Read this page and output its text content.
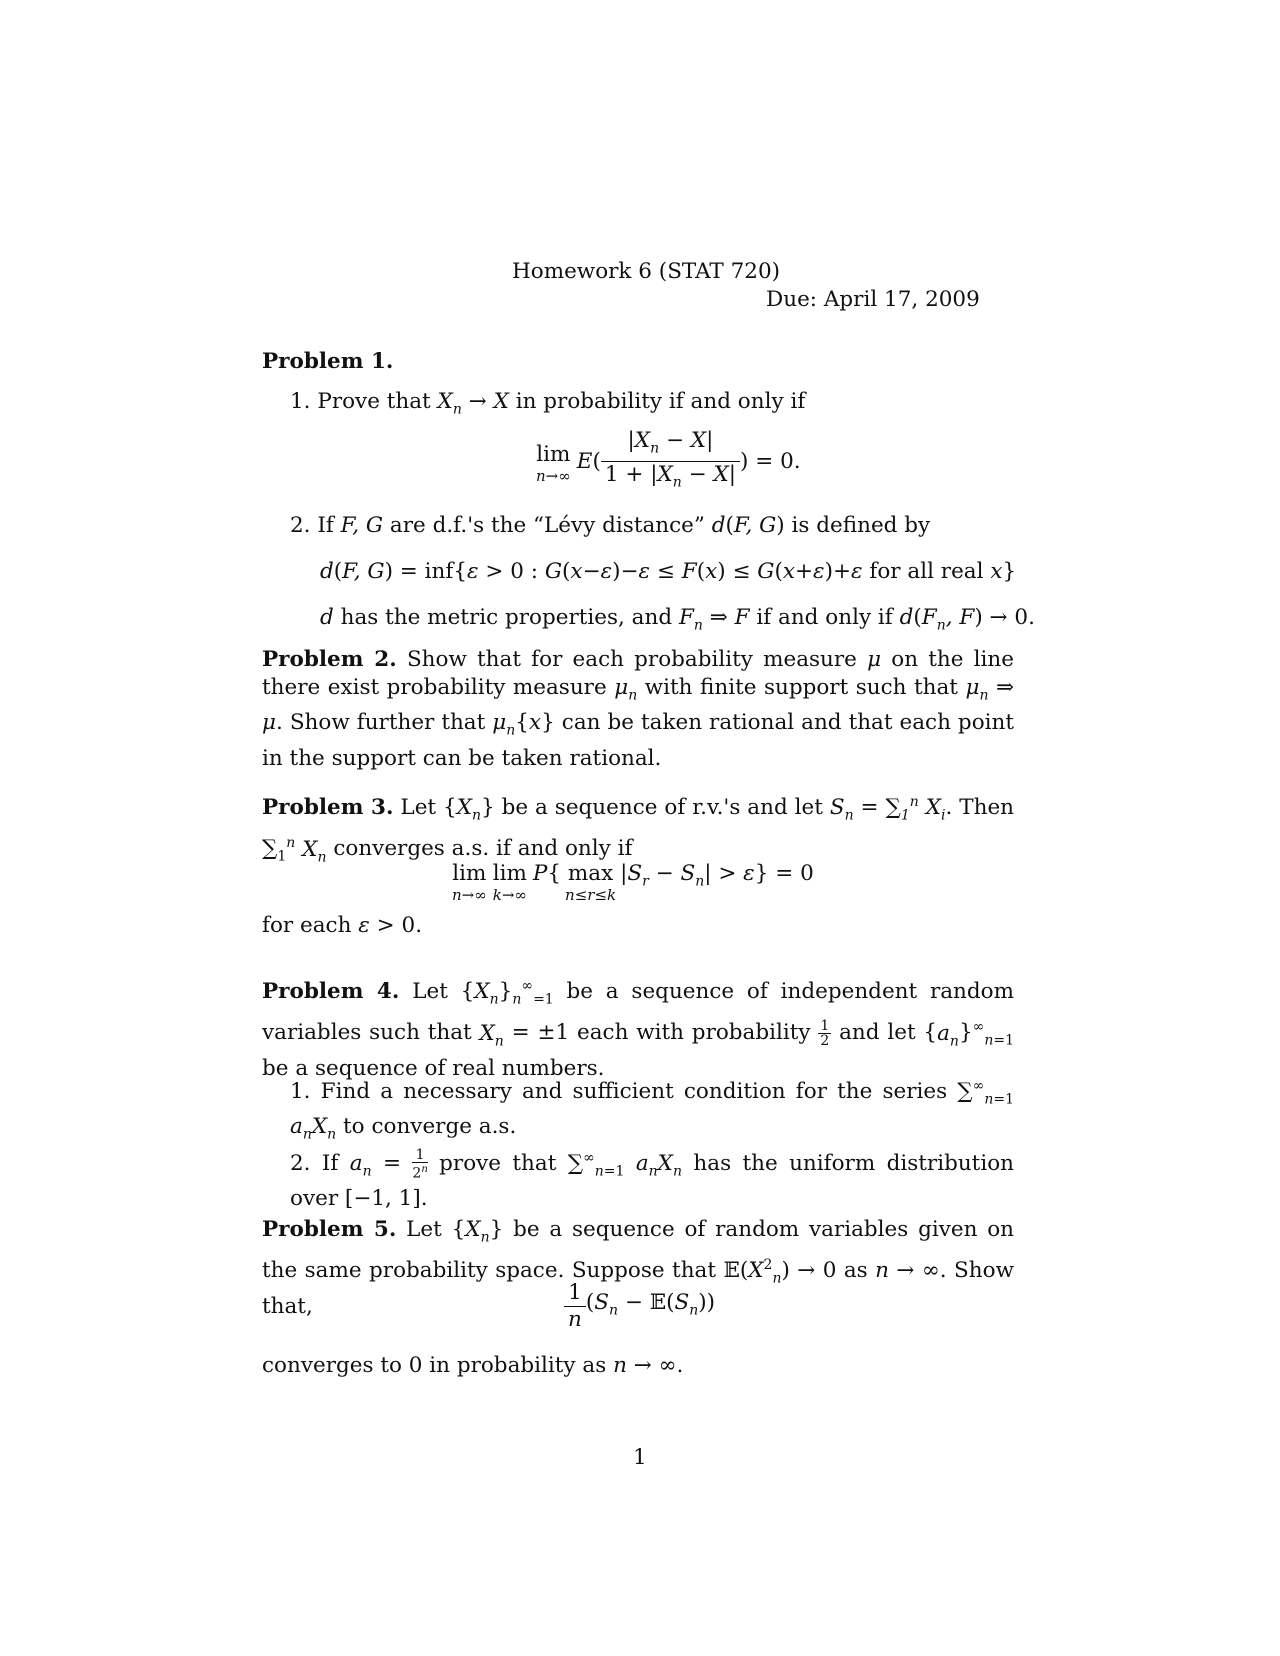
Homework 6 (STAT 720)
Due: April 17, 2009
Problem 1.
1. Prove that $X_n \to X$ in probability if and only if
lim
n→∞
E ( $\frac{|X_n - X|}{1 + |X_n - X|}$ ) = 0.
2. If F, G are d.f.'s the “Lévy distance” d(F, G) is defined by
d(F, G) = inf{ε > 0 : G(x−ε)−ε ≤ F(x) ≤ G(x+ε)+ε for all real x}
d has the metric properties, and $F_n$ ⇒ F if and only if $d(F_n$, F) → 0.
Problem 2. Show that for each probability measure μ on the line there exist probability measure $\mu_n$ with finite support such that $\mu_n$ ⇒ μ. Show further that $\mu_n\{x\}$ can be taken rational and that each point in the support can be taken rational.
Problem 3. Let $\{X_n\}$ be a sequence of r.v.'s and let $S_n = \sum_1^n$ $X_i$. Then $\sum_1^n$ $X_n$ converges a.s. if and only if
lim
n→∞
lim
k→∞
P { max
n≤r≤k
$|S_r - S_n| > \varepsilon$ } = 0
for each ε > 0.
Problem 4. Let $\{X_n\}_n^\infty_{=1}$ be a sequence of independent random variables such that $X_n = \pm 1$ each with probability $\frac{1}{2}$ and let $\{a_n\}^\infty_{n=1}$ be a sequence of real numbers.
1. Find a necessary and sufficient condition for the series $\sum^\infty_{n=1}$ $a_nX_n$ to converge a.s.
2. If $a_n = \frac{1}{2^n}$ prove that $\sum^\infty_{n=1}$ $a_nX_n$ has the uniform distribution over [−1, 1].
Problem 5. Let $\{X_n\}$ be a sequence of random variables given on the same probability space. Suppose that $𝔼(X^2_n) \to 0$ as n → ∞. Show that,	$\frac{1}{n} (S_n$ − $𝔼(S_n)$)
converges to 0 in probability as n → ∞.
1
